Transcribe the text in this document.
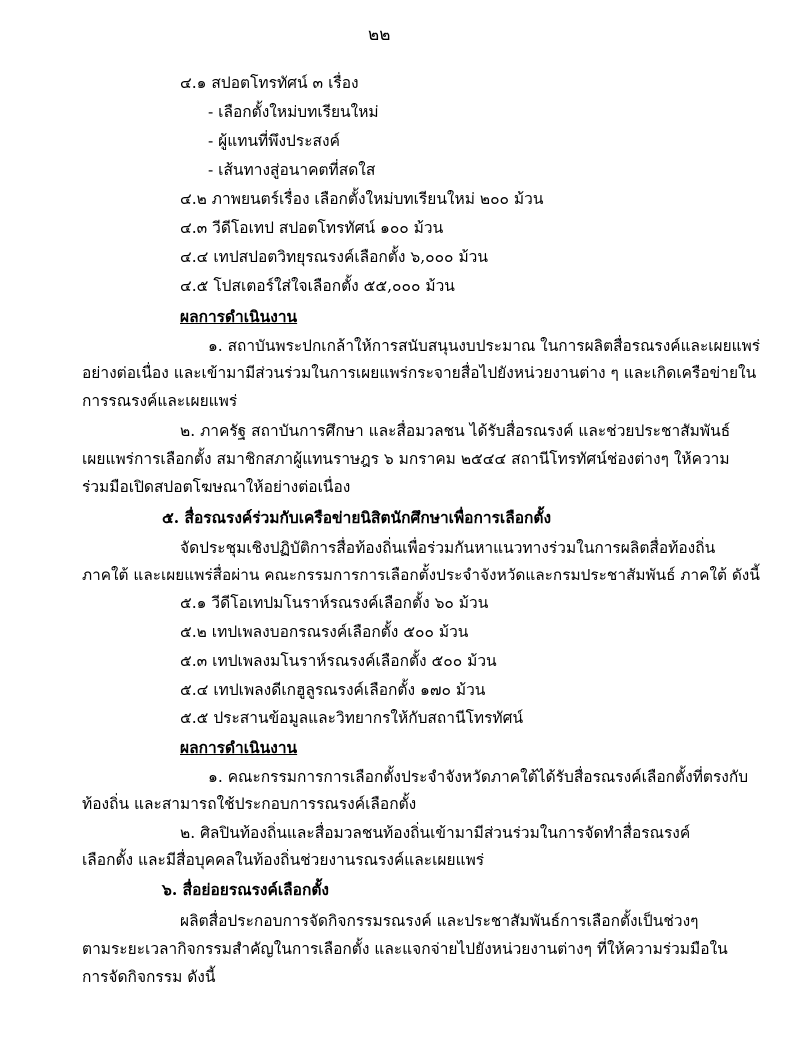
๒๒
๔.๑ สปอตโทรทัศน์ ๓ เรื่อง
- เลือกตั้งใหม่บทเรียนใหม่
- ผู้แทนที่พึงประสงค์
- เส้นทางสู่อนาคตที่สดใส
๔.๒ ภาพยนตร์เรื่อง เลือกตั้งใหม่บทเรียนใหม่ ๒๐๐ ม้วน
๔.๓ วีดีโอเทป สปอตโทรทัศน์ ๑๐๐ ม้วน
๔.๔ เทปสปอตวิทยุรณรงค์เลือกตั้ง ๖,๐๐๐ ม้วน
๔.๕ โปสเตอร์ใส่ใจเลือกตั้ง ๕๕,๐๐๐ ม้วน
ผลการดำเนินงาน
๑. สถาบันพระปกเกล้าให้การสนับสนุนงบประมาณ ในการผลิตสื่อรณรงค์และเผยแพร่
อย่างต่อเนื่อง และเข้ามามีส่วนร่วมในการเผยแพร่กระจายสื่อไปยังหน่วยงานต่าง ๆ และเกิดเครือข่ายใน
การรณรงค์และเผยแพร่
๒. ภาครัฐ สถาบันการศึกษา และสื่อมวลชน ได้รับสื่อรณรงค์ และช่วยประชาสัมพันธ์
เผยแพร่การเลือกตั้ง สมาชิกสภาผู้แทนราษฎร ๖ มกราคม ๒๕๔๔ สถานีโทรทัศน์ช่องต่างๆ ให้ความ
ร่วมมือเปิดสปอตโฆษณาให้อย่างต่อเนื่อง
๕. สื่อรณรงค์ร่วมกับเครือข่ายนิสิตนักศึกษาเพื่อการเลือกตั้ง
จัดประชุมเชิงปฏิบัติการสื่อท้องถิ่นเพื่อร่วมกันหาแนวทางร่วมในการผลิตสื่อท้องถิ่น
ภาคใต้ และเผยแพร่สื่อผ่าน คณะกรรมการการเลือกตั้งประจำจังหวัดและกรมประชาสัมพันธ์ ภาคใต้ ดังนี้
๕.๑ วีดีโอเทปมโนราห์รณรงค์เลือกตั้ง ๖๐ ม้วน
๕.๒ เทปเพลงบอกรณรงค์เลือกตั้ง ๕๐๐ ม้วน
๕.๓ เทปเพลงมโนราห์รณรงค์เลือกตั้ง ๕๐๐ ม้วน
๕.๔ เทปเพลงดีเกฮูลูรณรงค์เลือกตั้ง ๑๗๐ ม้วน
๕.๕ ประสานข้อมูลและวิทยากรให้กับสถานีโทรทัศน์
ผลการดำเนินงาน
๑. คณะกรรมการการเลือกตั้งประจำจังหวัดภาคใต้ได้รับสื่อรณรงค์เลือกตั้งที่ตรงกับ
ท้องถิ่น และสามารถใช้ประกอบการรณรงค์เลือกตั้ง
๒. ศิลปินท้องถิ่นและสื่อมวลชนท้องถิ่นเข้ามามีส่วนร่วมในการจัดทำสื่อรณรงค์
เลือกตั้ง และมีสื่อบุคคลในท้องถิ่นช่วยงานรณรงค์และเผยแพร่
๖. สื่อย่อยรณรงค์เลือกตั้ง
ผลิตสื่อประกอบการจัดกิจกรรมรณรงค์ และประชาสัมพันธ์การเลือกตั้งเป็นช่วงๆ
ตามระยะเวลากิจกรรมสำคัญในการเลือกตั้ง และแจกจ่ายไปยังหน่วยงานต่างๆ ที่ให้ความร่วมมือใน
การจัดกิจกรรม ดังนี้
